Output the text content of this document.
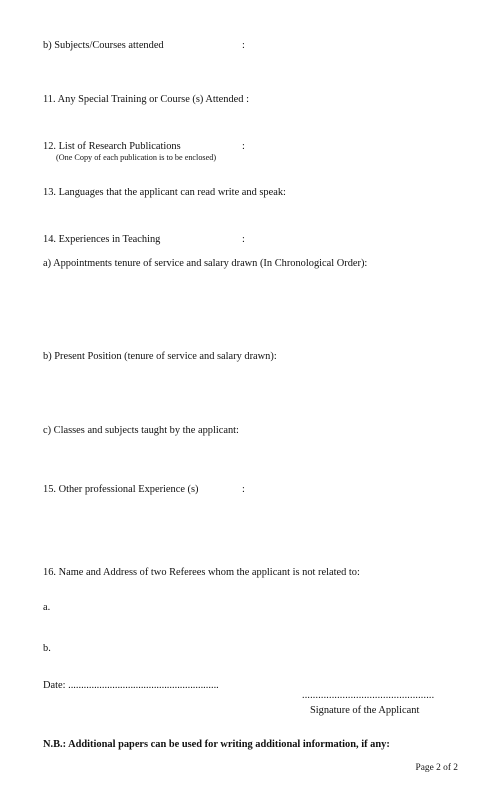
b) Subjects/Courses attended	:
11. Any Special Training or Course (s) Attended :
12. List of Research Publications	:
(One Copy of each publication is to be enclosed)
13. Languages that the applicant can read write and speak:
14. Experiences in Teaching	:
a) Appointments tenure of service and salary drawn (In Chronological Order):
b) Present Position (tenure of service and salary drawn):
c) Classes and subjects taught by the applicant:
15. Other professional Experience (s)	:
16. Name and Address of two Referees whom the applicant is not related to:
a.
b.
Date: ..........................................................
.................................................
Signature of the Applicant
N.B.: Additional papers can be used for writing additional information, if any:
Page 2 of 2
